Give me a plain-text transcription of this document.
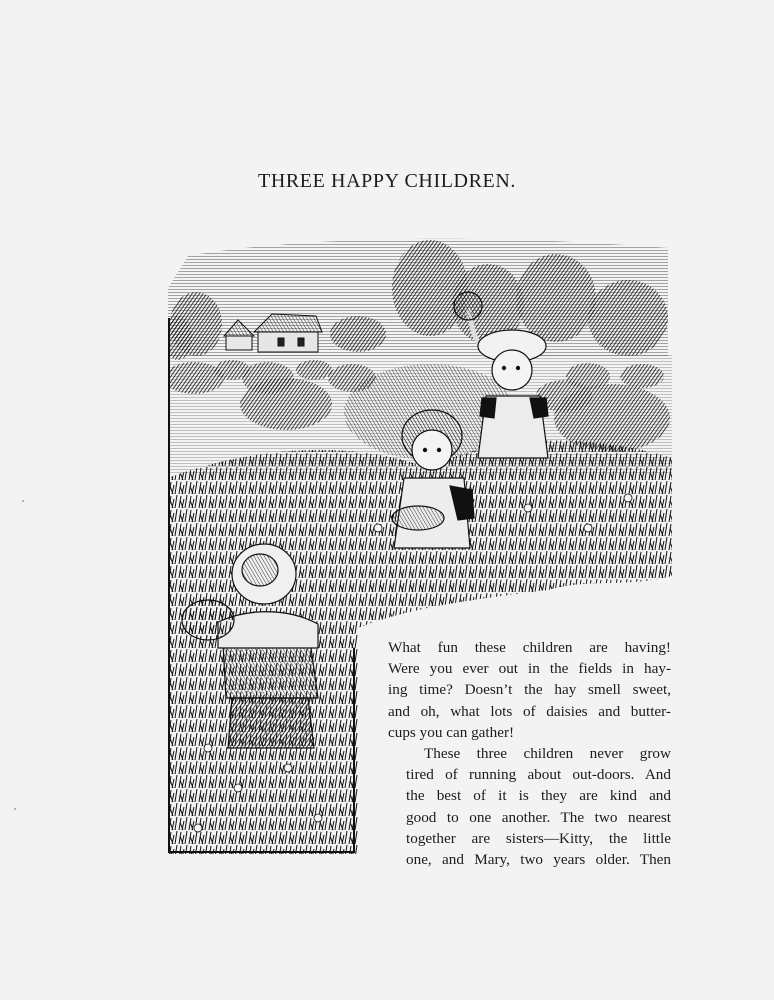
THREE HAPPY CHILDREN.

What fun these children are having!
Were you ever out in the fields in hay-
ing time? Doesn’t the hay smell sweet,
and oh, what lots of daisies and butter-
cups you can gather!

These three children never grow
tired of running about out-doors. And
the best of it is they are kind and
good to one another. The two nearest
together are sisters—Kitty, the little
one, and Mary, two years older. Then
